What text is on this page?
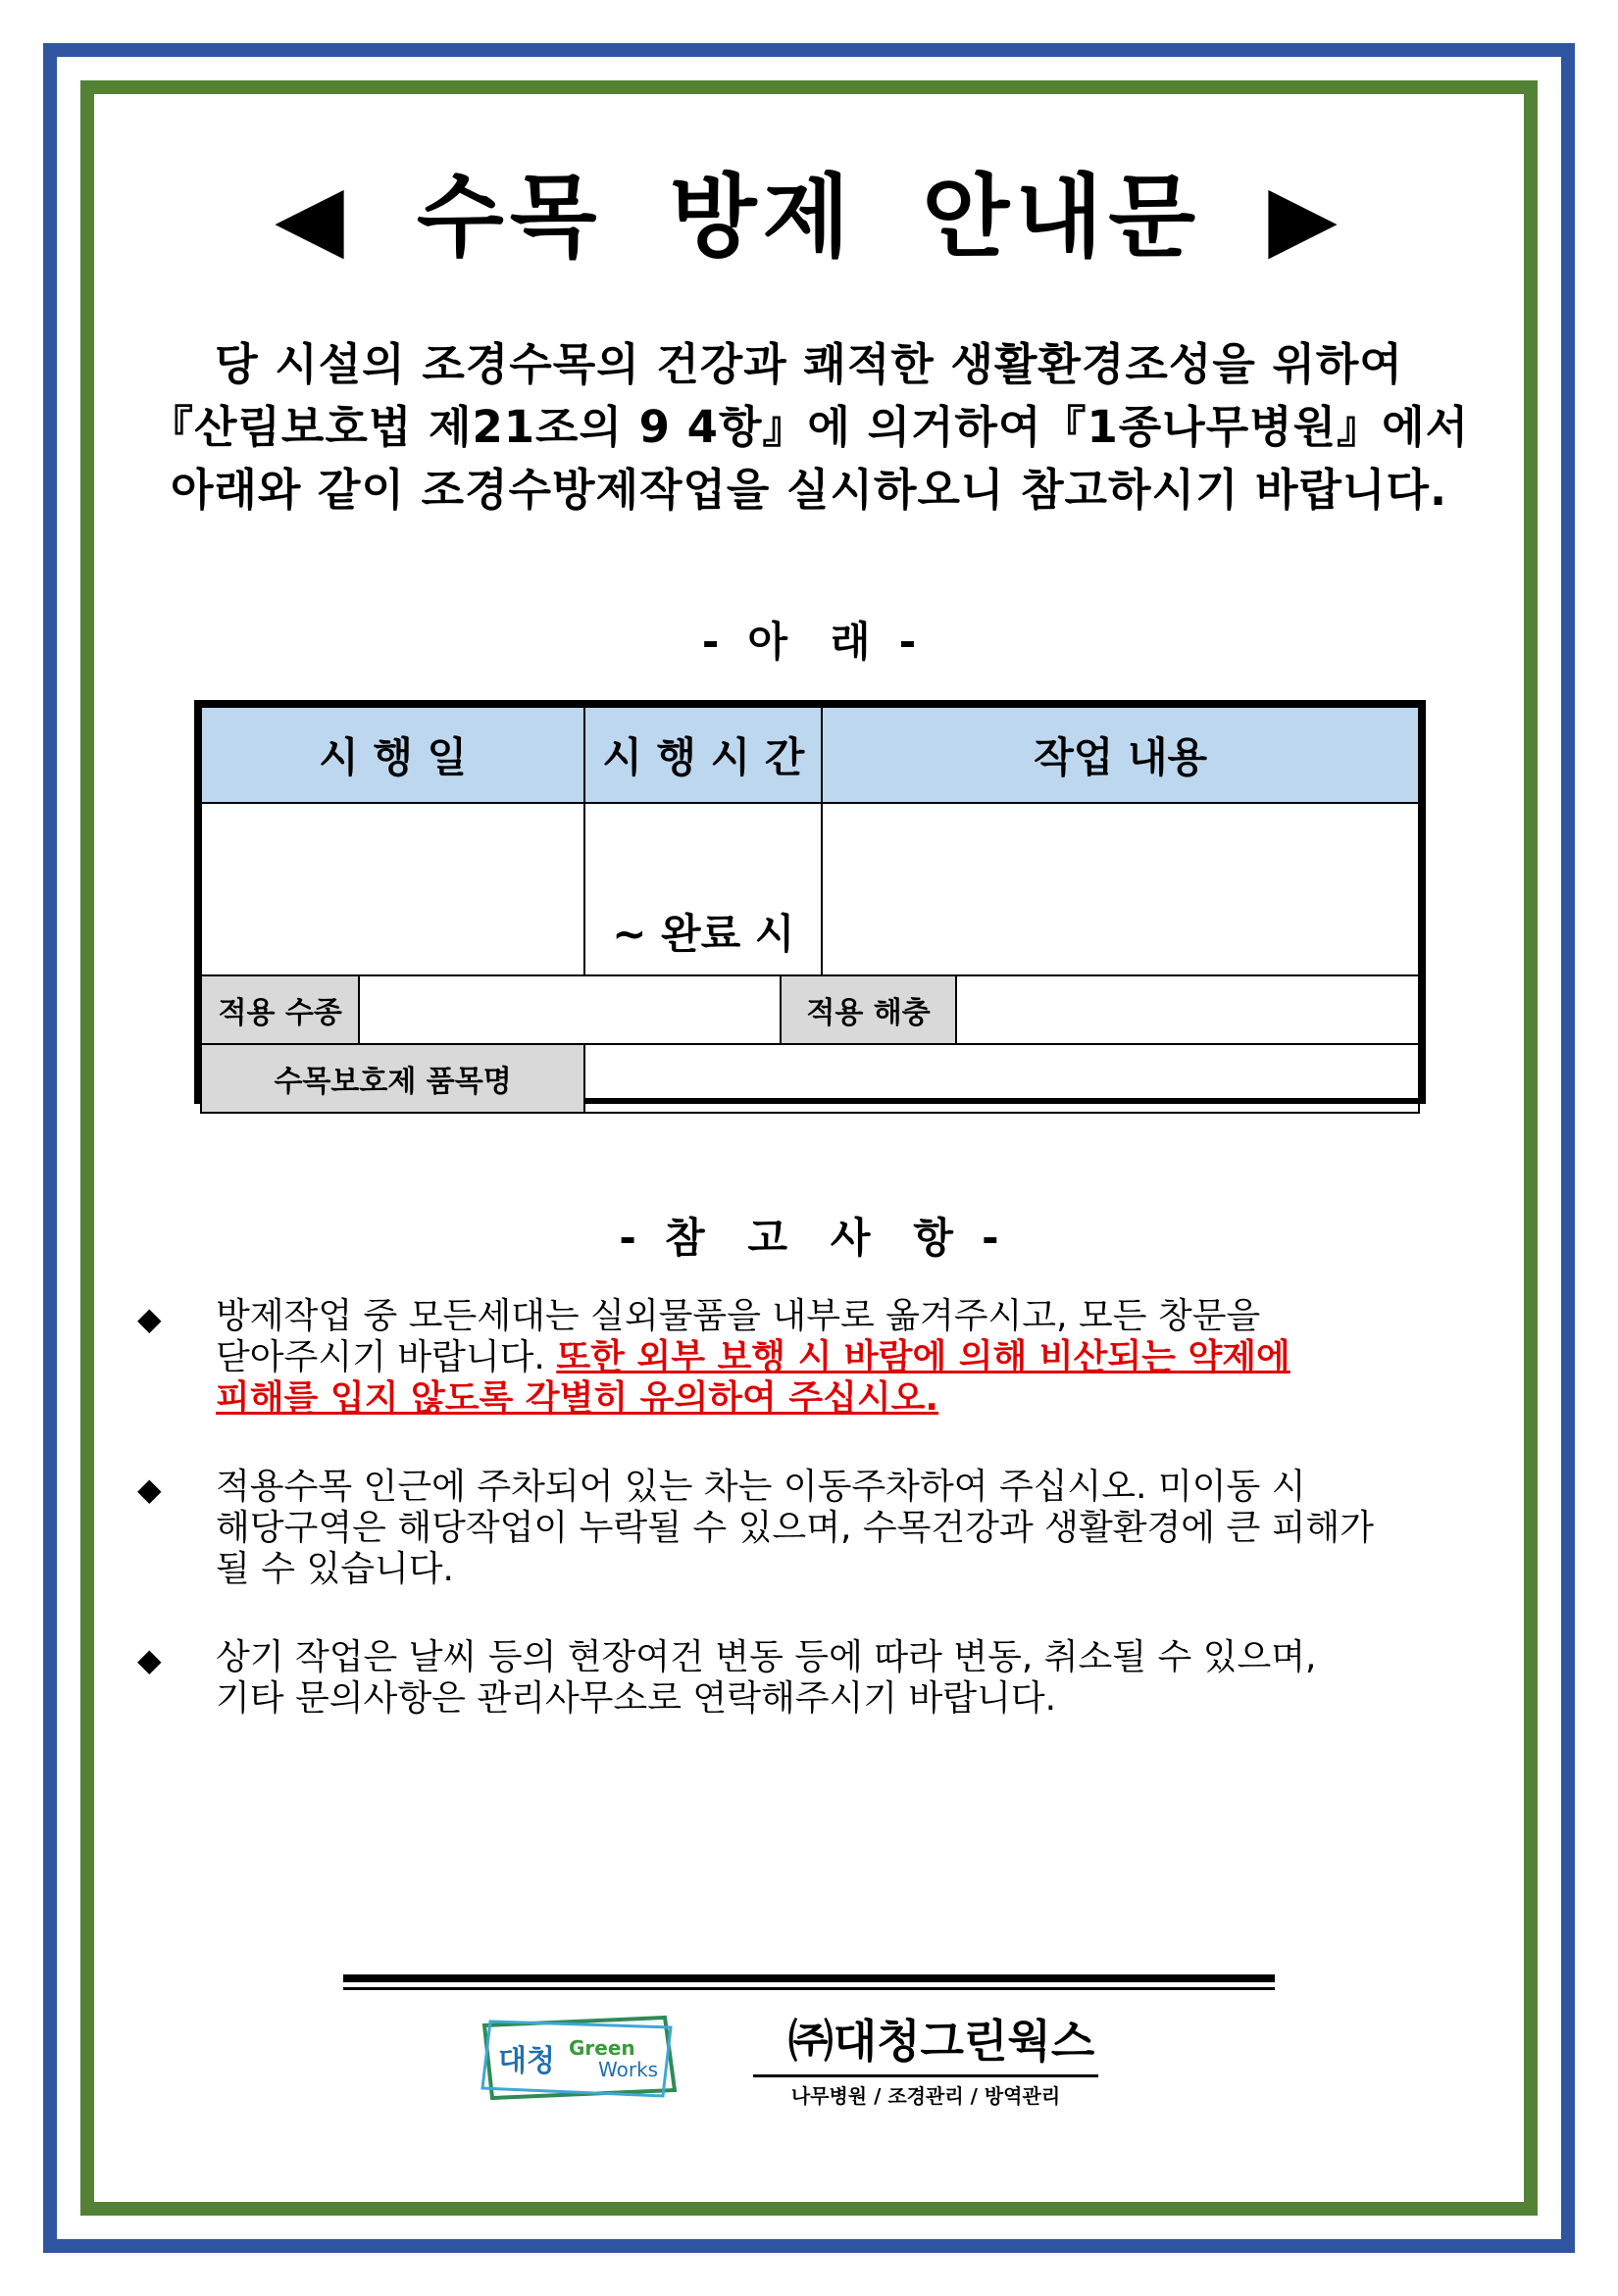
◀ 수목 방제 안내문 ▶
당 시설의 조경수목의 건강과 쾌적한 생활환경조성을 위하여
『산림보호법 제21조의 9 4항』에 의거하여『1종나무병원』에서
아래와 같이 조경수방제작업을 실시하오니 참고하시기 바랍니다.
-  아   래  -
시 행 일		시 행 시 간		작업 내용	
		~ 완료 시			
적용 수종			적용 해충		
수목보호제 품목명					
-  참   고   사   항  -
◆ 방제작업 중 모든세대는 실외물품을 내부로 옮겨주시고, 모든 창문을
닫아주시기 바랍니다. 또한 외부 보행 시 바람에 의해 비산되는 약제에
피해를 입지 않도록 각별히 유의하여 주십시오.
◆ 적용수목 인근에 주차되어 있는 차는 이동주차하여 주십시오. 미이동 시
해당구역은 해당작업이 누락될 수 있으며, 수목건강과 생활환경에 큰 피해가
될 수 있습니다.
◆ 상기 작업은 날씨 등의 현장여건 변동 등에 따라 변동, 취소될 수 있으며,
기타 문의사항은 관리사무소로 연락해주시기 바랍니다.
대청 Green
Works
㈜대청그린웍스
나무병원 / 조경관리 / 방역관리
